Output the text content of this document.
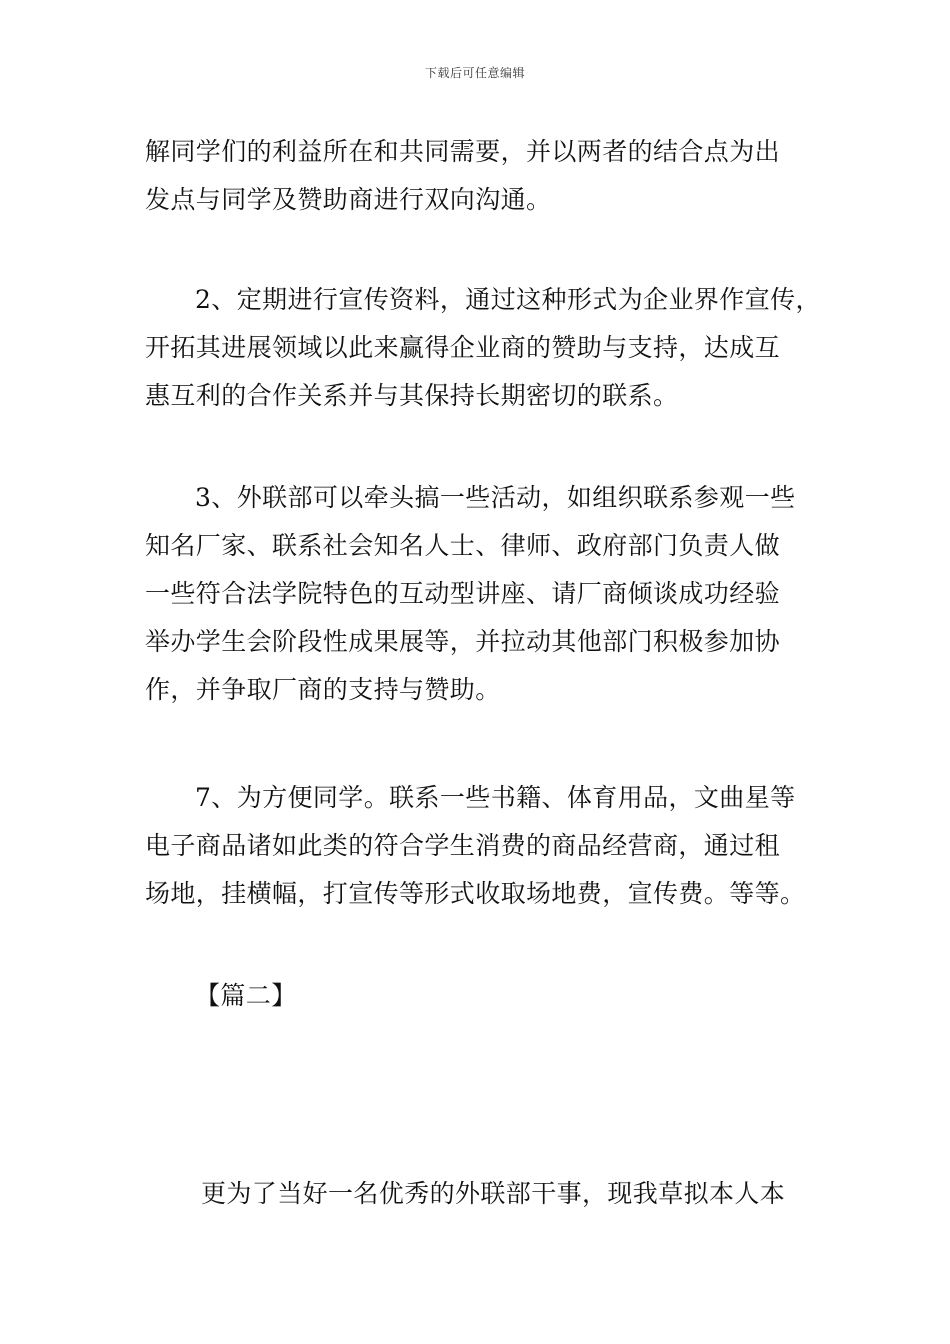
下载后可任意编辑

解同学们的利益所在和共同需要，并以两者的结合点为出
发点与同学及赞助商进行双向沟通。

2、定期进行宣传资料，通过这种形式为企业界作宣传，
开拓其进展领域以此来赢得企业商的赞助与支持，达成互
惠互利的合作关系并与其保持长期密切的联系。

3、外联部可以牵头搞一些活动，如组织联系参观一些
知名厂家、联系社会知名人士、律师、政府部门负责人做
一些符合法学院特色的互动型讲座、请厂商倾谈成功经验
举办学生会阶段性成果展等，并拉动其他部门积极参加协
作，并争取厂商的支持与赞助。

7、为方便同学。联系一些书籍、体育用品，文曲星等
电子商品诸如此类的符合学生消费的商品经营商，通过租
场地，挂横幅，打宣传等形式收取场地费，宣传费。等等。

【篇二】

更为了当好一名优秀的外联部干事，现我草拟本人本
